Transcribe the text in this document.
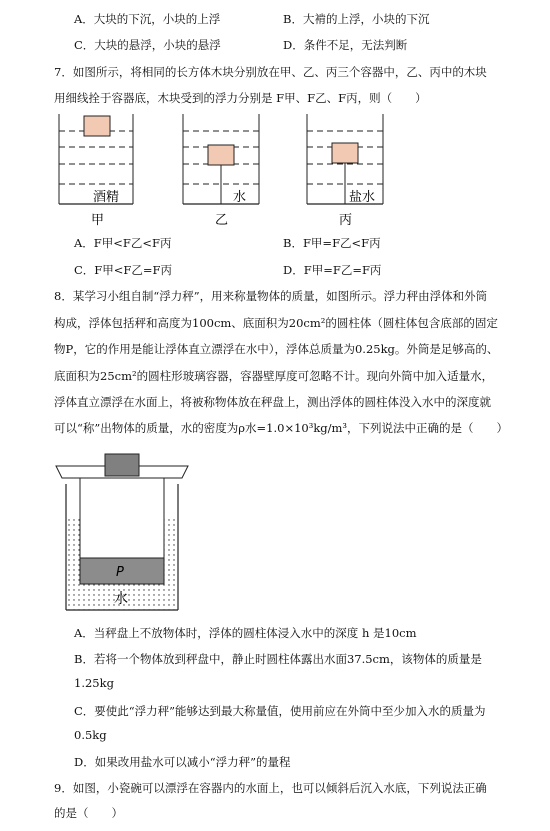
A．大块的下沉，小块的上浮	B．大褃的上浮，小块的下沉
C．大块的悬浮，小块的悬浮	D．条件不足，无法判断
7．如图所示，将相同的长方体木块分别放在甲、乙、丙三个容器中，乙、丙中的木块
用细线拴于容器底，木块受到的浮力分别是 F甲、F乙、F丙，则（　　）
酒精	水	盐水
甲	乙	丙
A．F甲<F乙<F丙	B．F甲=F乙<F丙
C．F甲<F乙=F丙	D．F甲=F乙=F丙
8．某学习小组自制“浮力秤”，用来称量物体的质量，如图所示。浮力秤由浮体和外筒
构成，浮体包括秤和高度为100cm、底面积为20cm²的圆柱体（圆柱体包含底部的固定
物P，它的作用是能让浮体直立漂浮在水中），浮体总质量为0.25kg。外筒是足够高的、
底面积为25cm²的圆柱形玻璃容器，容器壁厚度可忽略不计。现向外筒中加入适量水，
浮体直立漂浮在水面上，将被称物体放在秤盘上，测出浮体的圆柱体没入水中的深度就
可以“称”出物体的质量，水的密度为ρ水=1.0×10³kg/m³，下列说法中正确的是（　　）
P
水
A．当秤盘上不放物体时，浮体的圆柱体浸入水中的深度 h 是10cm
B．若将一个物体放到秤盘中，静止时圆柱体露出水面37.5cm，该物体的质量是
1.25kg
C．要使此“浮力秤”能够达到最大称量值，使用前应在外筒中至少加入水的质量为
0.5kg
D．如果改用盐水可以减小“浮力秤”的量程
9．如图，小瓷碗可以漂浮在容器内的水面上，也可以倾斜后沉入水底，下列说法正确
的是（　　）
